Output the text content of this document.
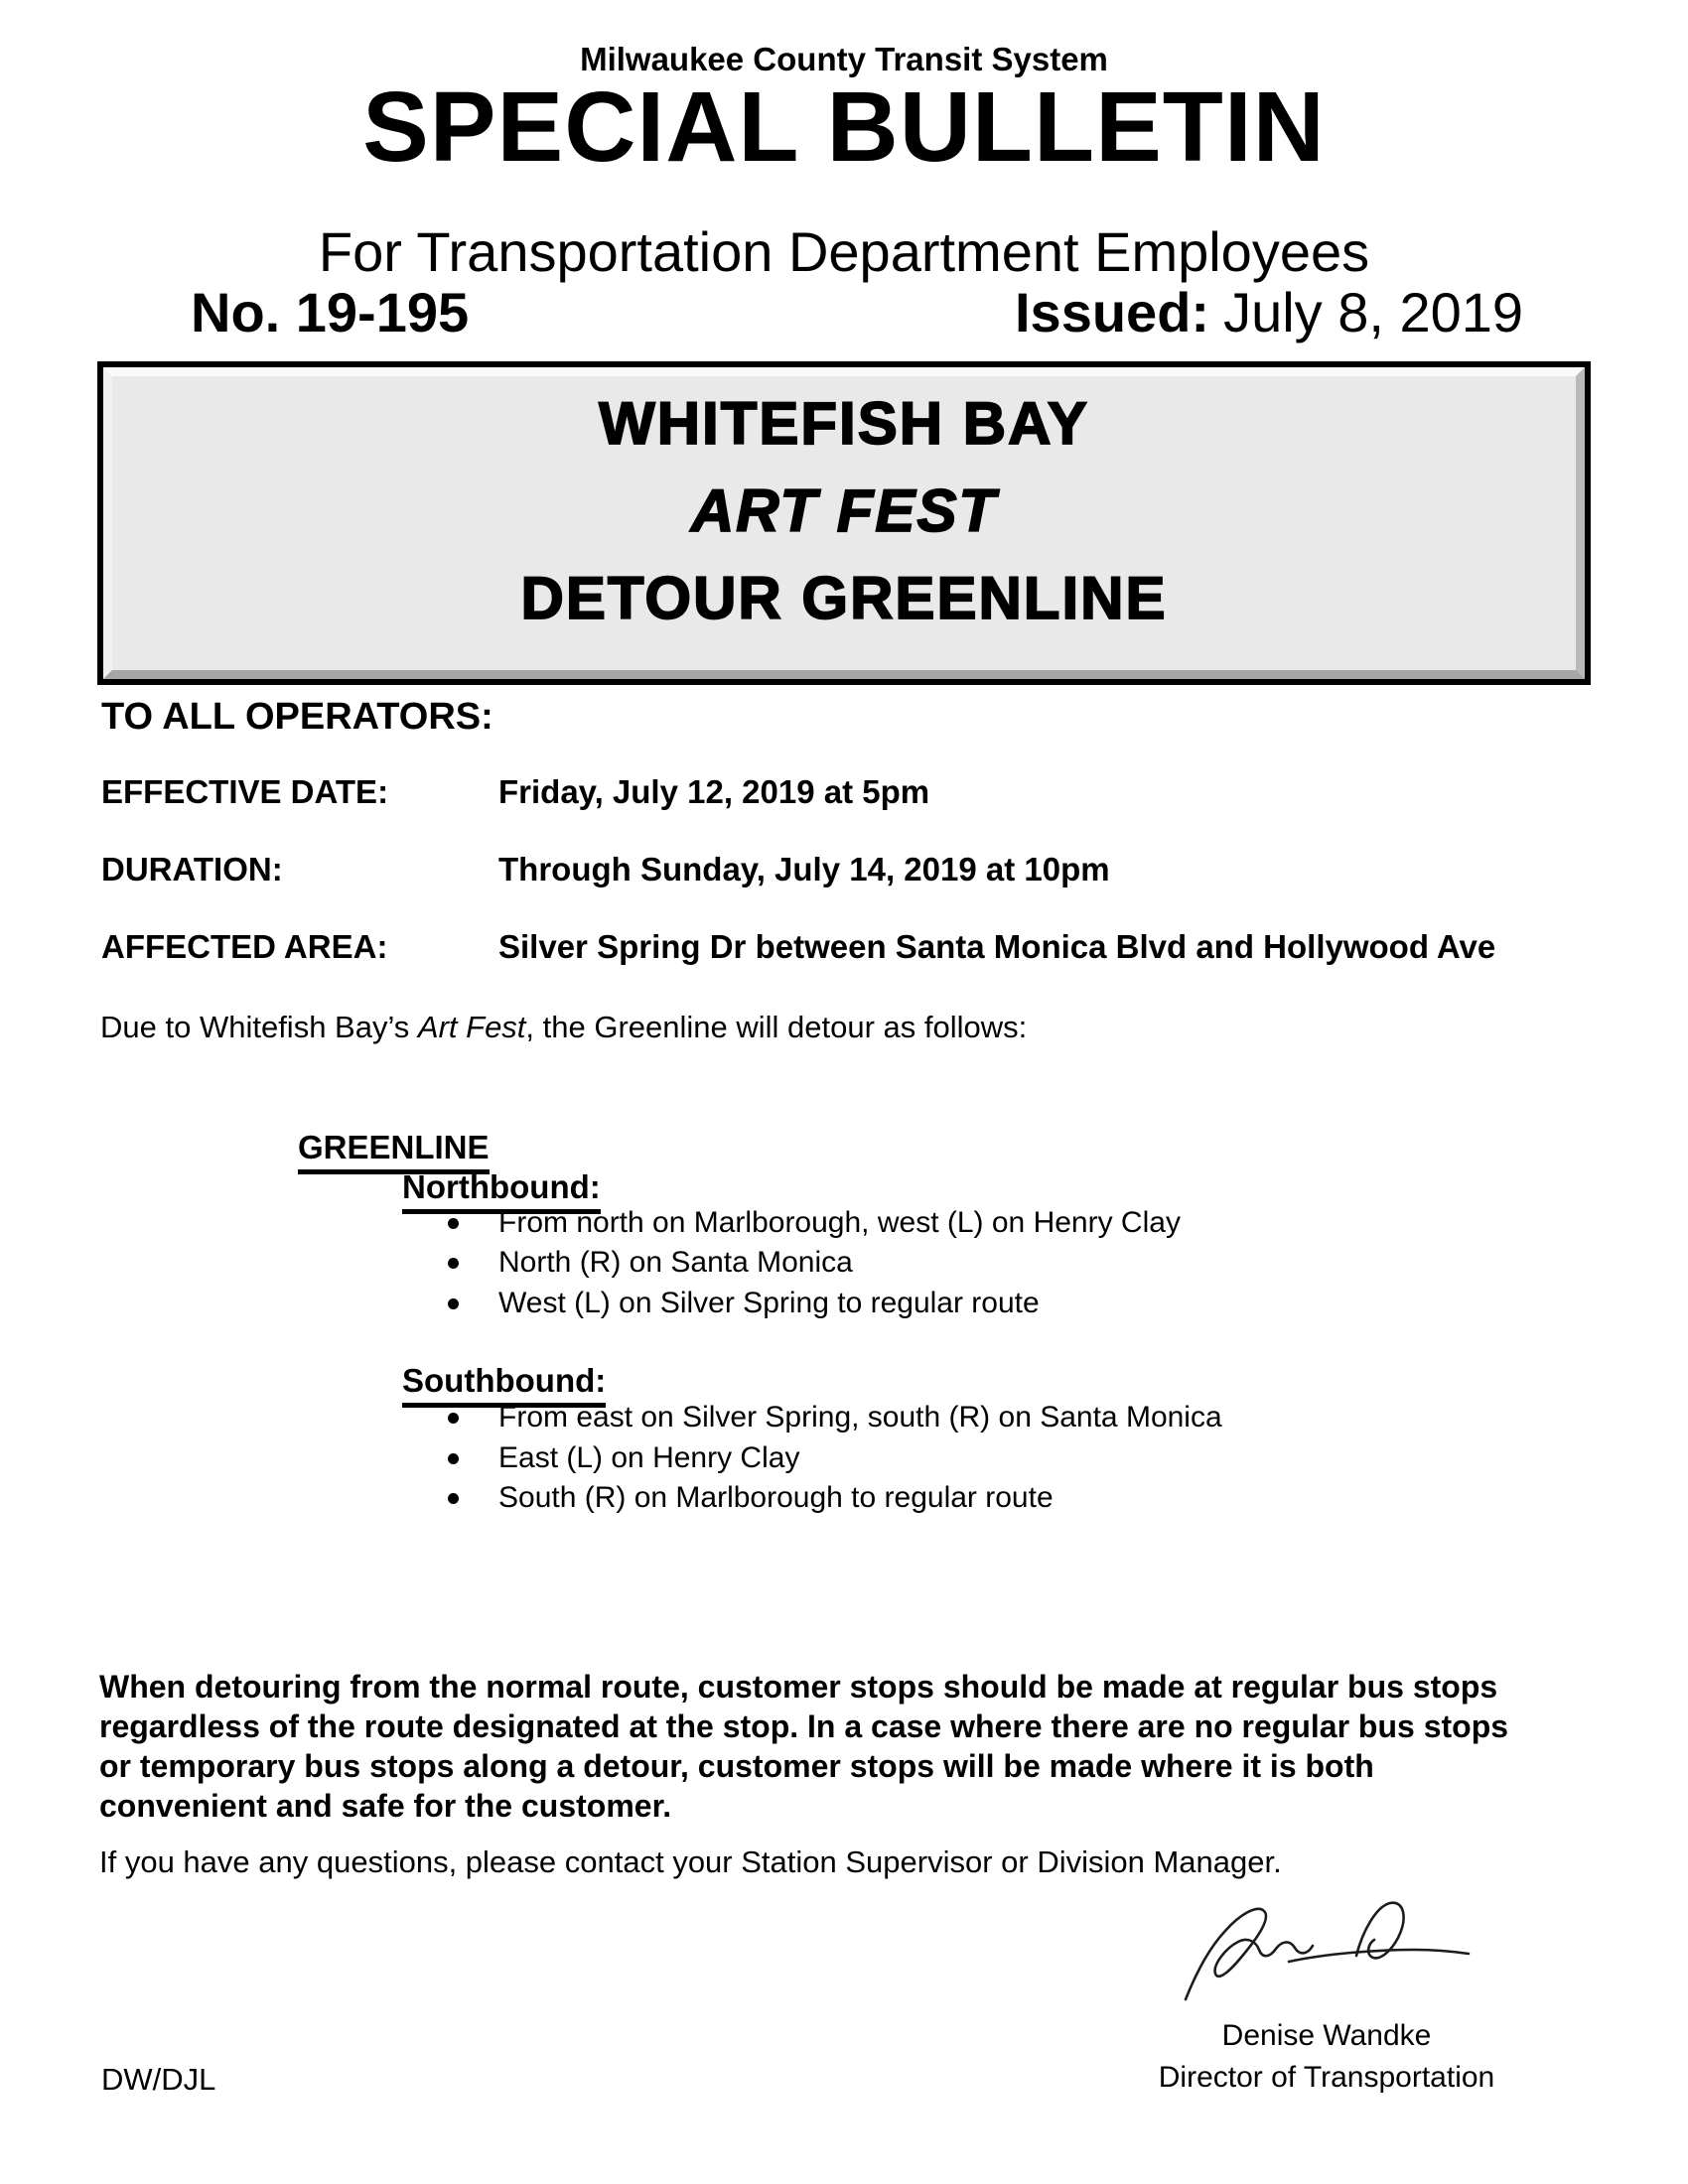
Milwaukee County Transit System
SPECIAL BULLETIN
For Transportation Department Employees
No. 19-195	Issued: July 8, 2019
WHITEFISH BAY
ART FEST
DETOUR GREENLINE
TO ALL OPERATORS:
EFFECTIVE DATE:	Friday, July 12, 2019 at 5pm
DURATION:	Through Sunday, July 14, 2019 at 10pm
AFFECTED AREA:	Silver Spring Dr between Santa Monica Blvd and Hollywood Ave
Due to Whitefish Bay’s Art Fest, the Greenline will detour as follows:
GREENLINE
Northbound:
From north on Marlborough, west (L) on Henry Clay
North (R) on Santa Monica
West (L) on Silver Spring to regular route
Southbound:
From east on Silver Spring, south (R) on Santa Monica
East (L) on Henry Clay
South (R) on Marlborough to regular route
When detouring from the normal route, customer stops should be made at regular bus stops
regardless of the route designated at the stop. In a case where there are no regular bus stops
or temporary bus stops along a detour, customer stops will be made where it is both
convenient and safe for the customer.
If you have any questions, please contact your Station Supervisor or Division Manager.
Denise Wandke
Director of Transportation
DW/DJL
